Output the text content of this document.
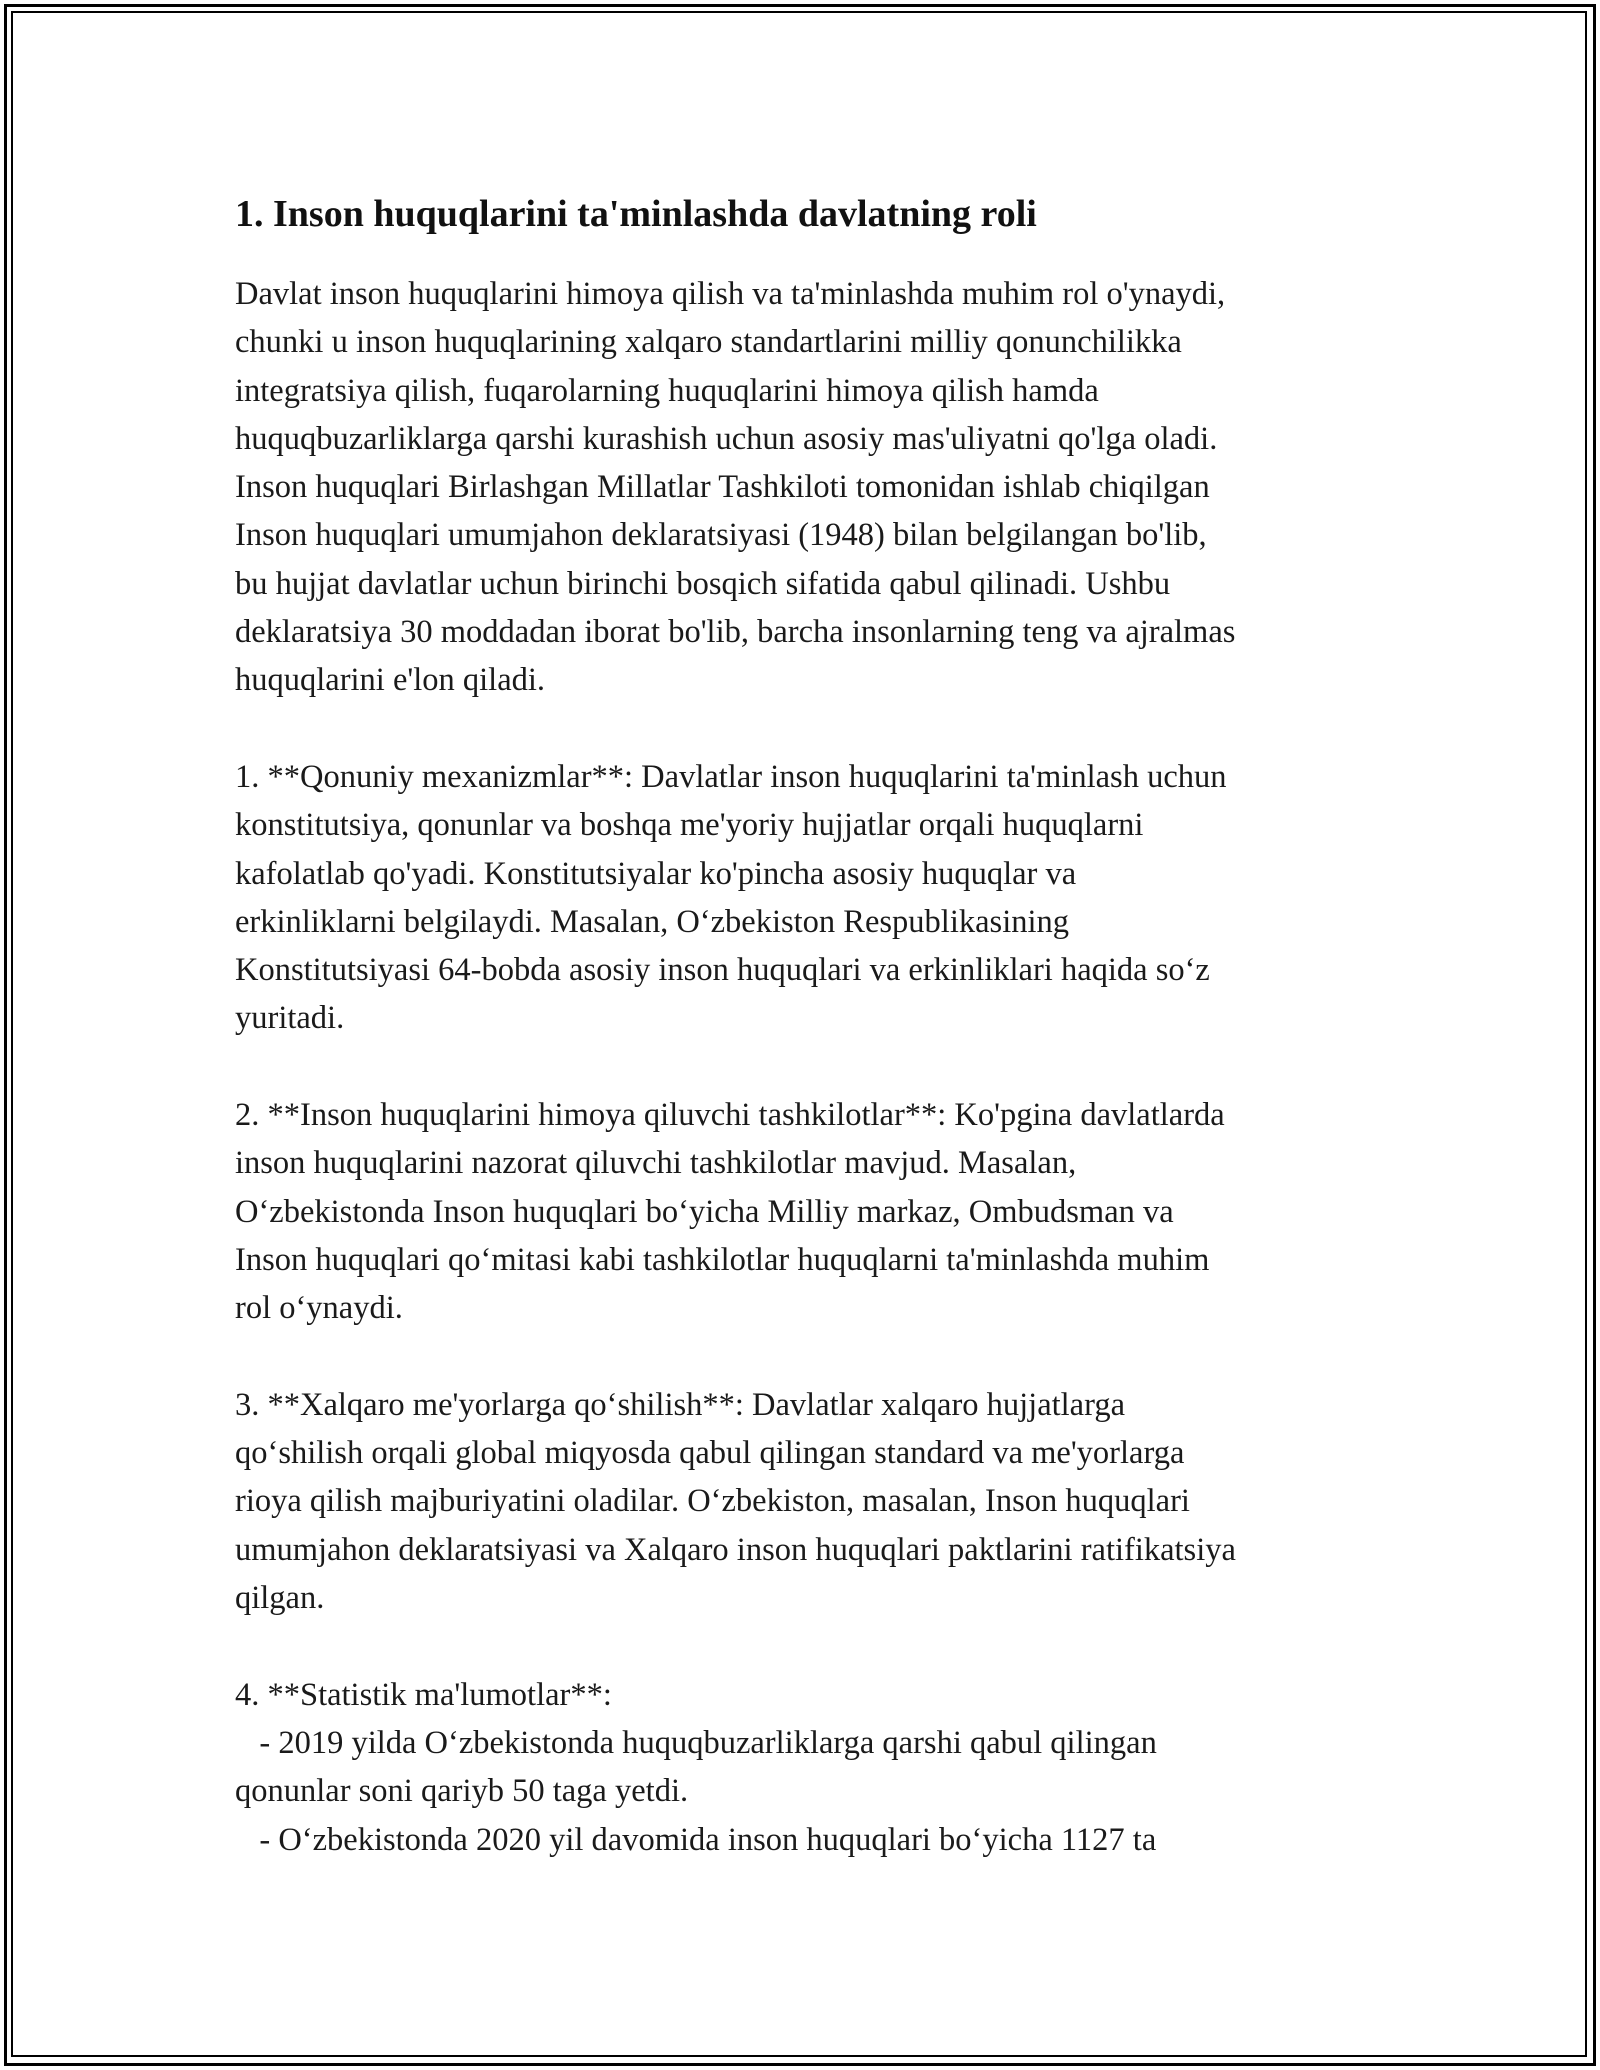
1. Inson huquqlarini ta'minlashda davlatning roli

Davlat inson huquqlarini himoya qilish va ta'minlashda muhim rol o'ynaydi,
chunki u inson huquqlarining xalqaro standartlarini milliy qonunchilikka
integratsiya qilish, fuqarolarning huquqlarini himoya qilish hamda
huquqbuzarliklarga qarshi kurashish uchun asosiy mas'uliyatni qo'lga oladi.
Inson huquqlari Birlashgan Millatlar Tashkiloti tomonidan ishlab chiqilgan
Inson huquqlari umumjahon deklaratsiyasi (1948) bilan belgilangan bo'lib,
bu hujjat davlatlar uchun birinchi bosqich sifatida qabul qilinadi. Ushbu
deklaratsiya 30 moddadan iborat bo'lib, barcha insonlarning teng va ajralmas
huquqlarini e'lon qiladi.

1. **Qonuniy mexanizmlar**: Davlatlar inson huquqlarini ta'minlash uchun
konstitutsiya, qonunlar va boshqa me'yoriy hujjatlar orqali huquqlarni
kafolatlab qo'yadi. Konstitutsiyalar ko'pincha asosiy huquqlar va
erkinliklarni belgilaydi. Masalan, O‘zbekiston Respublikasining
Konstitutsiyasi 64-bobda asosiy inson huquqlari va erkinliklari haqida so‘z
yuritadi.

2. **Inson huquqlarini himoya qiluvchi tashkilotlar**: Ko'pgina davlatlarda
inson huquqlarini nazorat qiluvchi tashkilotlar mavjud. Masalan,
O‘zbekistonda Inson huquqlari bo‘yicha Milliy markaz, Ombudsman va
Inson huquqlari qo‘mitasi kabi tashkilotlar huquqlarni ta'minlashda muhim
rol o‘ynaydi.

3. **Xalqaro me'yorlarga qo‘shilish**: Davlatlar xalqaro hujjatlarga
qo‘shilish orqali global miqyosda qabul qilingan standard va me'yorlarga
rioya qilish majburiyatini oladilar. O‘zbekiston, masalan, Inson huquqlari
umumjahon deklaratsiyasi va Xalqaro inson huquqlari paktlarini ratifikatsiya
qilgan.

4. **Statistik ma'lumotlar**:

- 2019 yilda O‘zbekistonda huquqbuzarliklarga qarshi qabul qilingan

qonunlar soni qariyb 50 taga yetdi.

- O‘zbekistonda 2020 yil davomida inson huquqlari bo‘yicha 1127 ta
